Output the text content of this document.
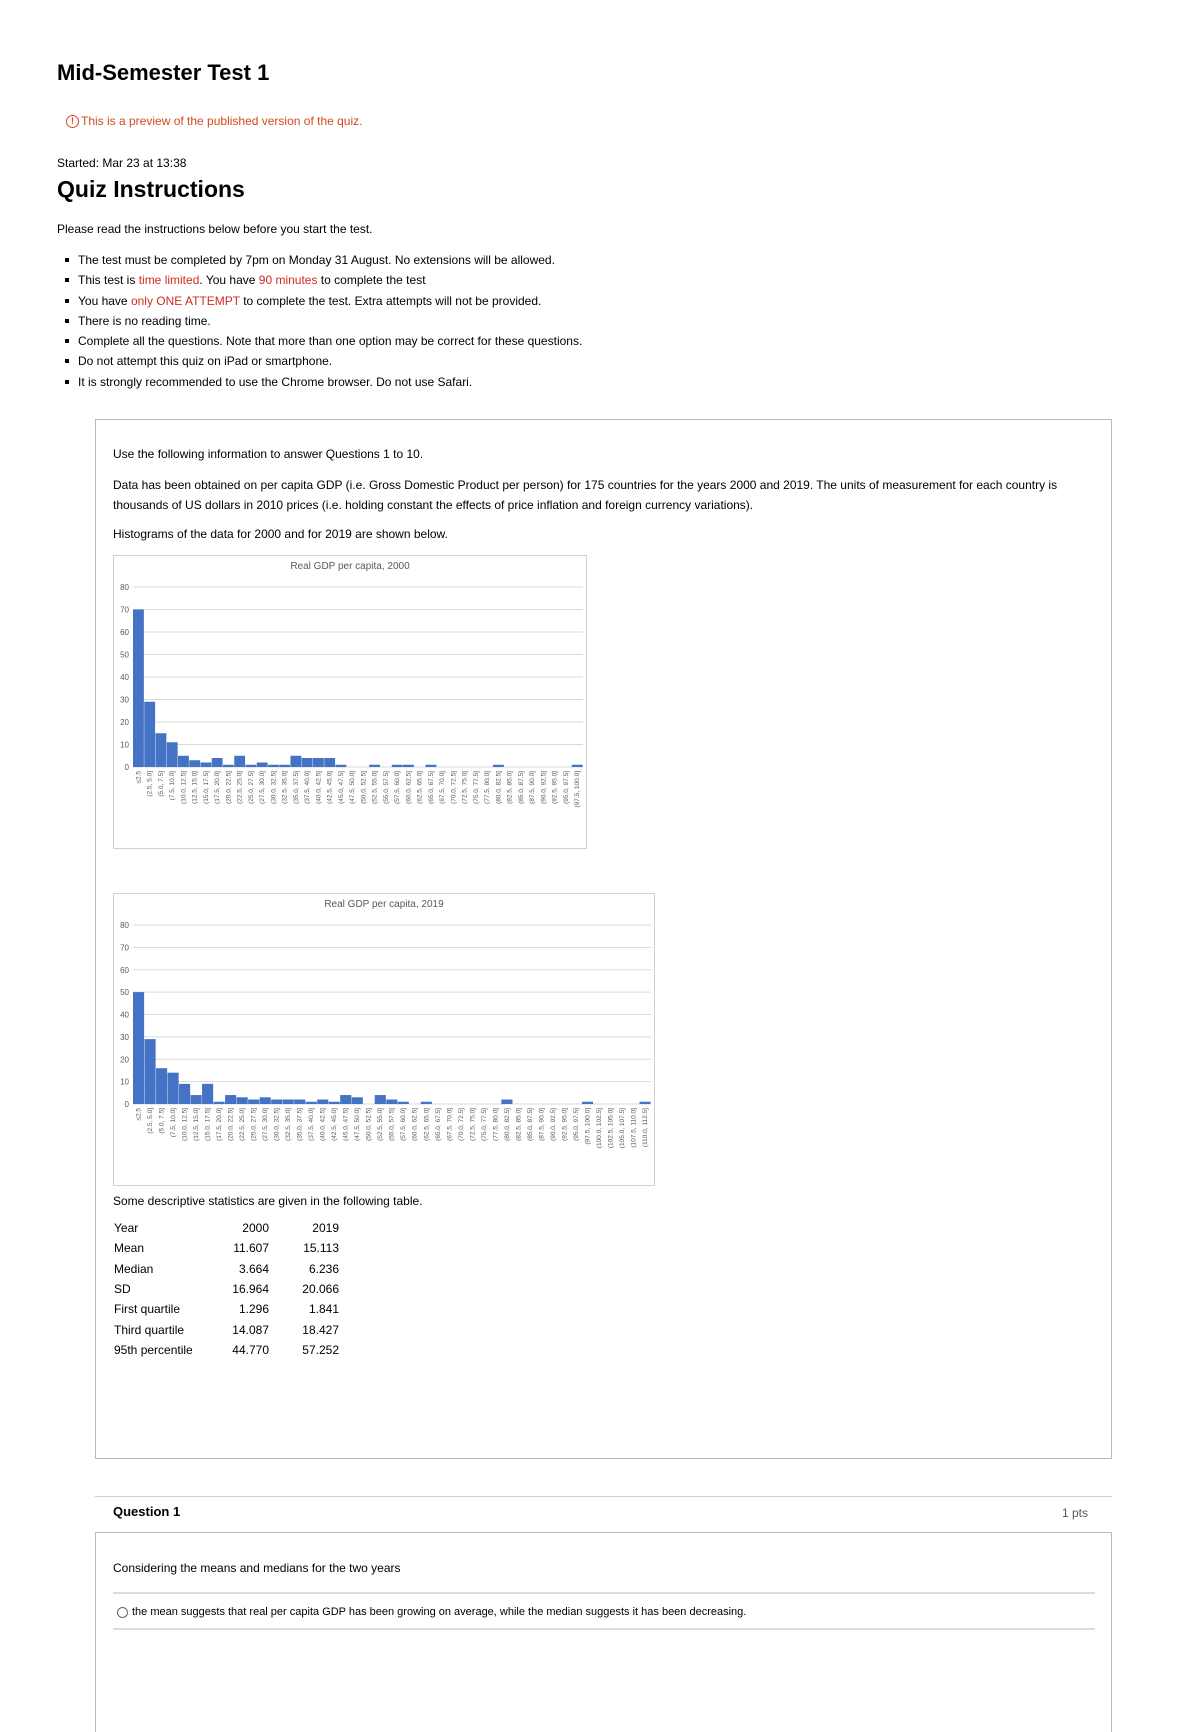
Mid-Semester Test 1
! This is a preview of the published version of the quiz.
Started: Mar 23 at 13:38
Quiz Instructions
Please read the instructions below before you start the test.
The test must be completed by 7pm on Monday 31 August. No extensions will be allowed.
This test is time limited. You have 90 minutes to complete the test
You have only ONE ATTEMPT to complete the test. Extra attempts will not be provided.
There is no reading time.
Complete all the questions. Note that more than one option may be correct for these questions.
Do not attempt this quiz on iPad or smartphone.
It is strongly recommended to use the Chrome browser. Do not use Safari.
Use the following information to answer Questions 1 to 10.
Data has been obtained on per capita GDP (i.e. Gross Domestic Product per person) for 175 countries for the years 2000 and 2019. The units of measurement for each country is thousands of US dollars in 2010 prices (i.e. holding constant the effects of price inflation and foreign currency variations).
Histograms of the data for 2000 and for 2019 are shown below.
Real GDP per capita, 2000
0
10
20
30
40
50
60
70
80
≤2.5 (2.5, 5.0] (5.0, 7.5] (7.5, 10.0] (10.0, 12.5] (12.5, 15.0] (15.0, 17.5] (17.5, 20.0] (20.0, 22.5] (22.5, 25.0] (25.0, 27.5] (27.5, 30.0] (30.0, 32.5] (32.5, 35.0] (35.0, 37.5] (37.5, 40.0] (40.0, 42.5] (42.5, 45.0] (45.0, 47.5] (47.5, 50.0] (50.0, 52.5] (52.5, 55.0] (55.0, 57.5] (57.5, 60.0] (60.0, 62.5] (62.5, 65.0] (65.0, 67.5] (67.5, 70.0] (70.0, 72.5] (72.5, 75.0] (75.0, 77.5] (77.5, 80.0] (80.0, 82.5] (82.5, 85.0] (85.0, 87.5] (87.5, 90.0] (90.0, 92.5] (92.5, 95.0] (95.0, 97.5] (97.5, 100.0]
Real GDP per capita, 2019
0
10
20
30
40
50
60
70
80
≤2.5 (2.5, 5.0] (5.0, 7.5] (7.5, 10.0] (10.0, 12.5] (12.5, 15.0] (15.0, 17.5] (17.5, 20.0] (20.0, 22.5] (22.5, 25.0] (25.0, 27.5] (27.5, 30.0] (30.0, 32.5] (32.5, 35.0] (35.0, 37.5] (37.5, 40.0] (40.0, 42.5] (42.5, 45.0] (45.0, 47.5] (47.5, 50.0] (50.0, 52.5] (52.5, 55.0] (55.0, 57.5] (57.5, 60.0] (60.0, 62.5] (62.5, 65.0] (65.0, 67.5] (67.5, 70.0] (70.0, 72.5] (72.5, 75.0] (75.0, 77.5] (77.5, 80.0] (80.0, 82.5] (82.5, 85.0] (85.0, 87.5] (87.5, 90.0] (90.0, 92.5] (92.5, 95.0] (95.0, 97.5] (97.5, 100.0] (100.0, 102.5] (102.5, 105.0] (105.0, 107.5] (107.5, 110.0] (110.0, 112.5]
Some descriptive statistics are given in the following table.
Year	2000	2019
Mean	11.607	15.113
Median	3.664	6.236
SD	16.964	20.066
First quartile	1.296	1.841
Third quartile	14.087	18.427
95th percentile	44.770	57.252
Question 1	1 pts
Considering the means and medians for the two years
the mean suggests that real per capita GDP has been growing on average, while the median suggests it has been decreasing.
